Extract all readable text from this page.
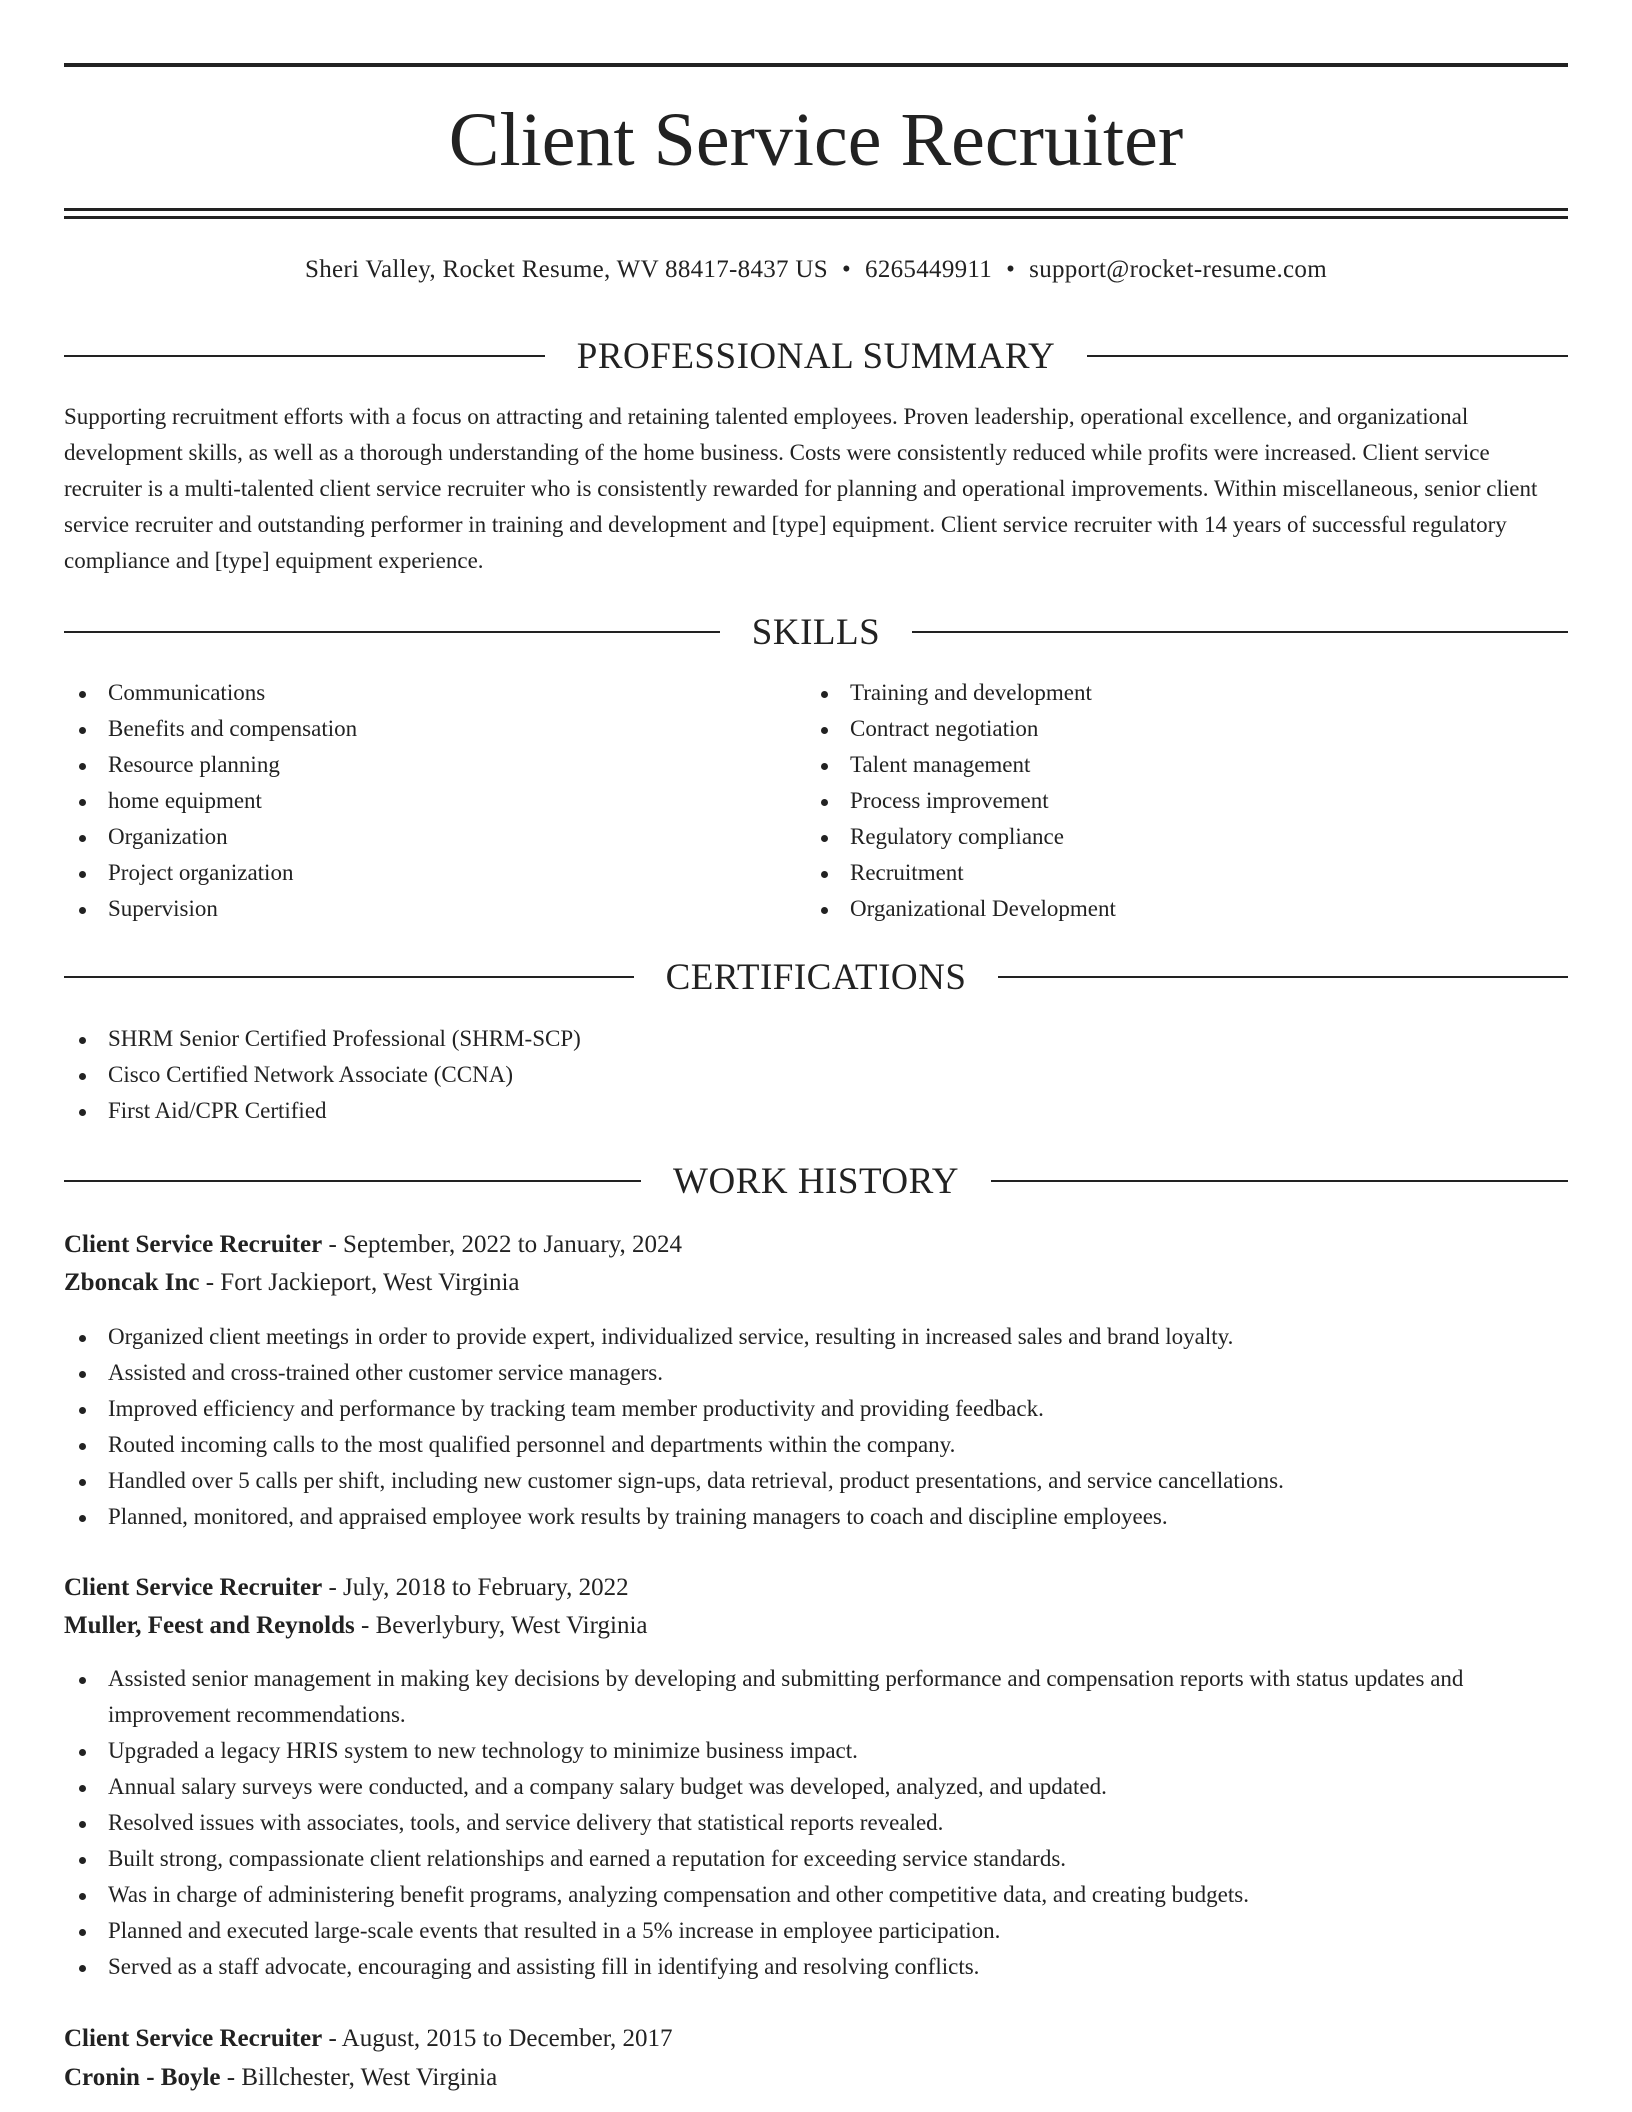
Client Service Recruiter
Sheri Valley, Rocket Resume, WV 88417-8437 US • 6265449911 • support@rocket-resume.com
PROFESSIONAL SUMMARY

Supporting recruitment efforts with a focus on attracting and retaining talented employees. Proven leadership, operational excellence, and organizational development skills, as well as a thorough understanding of the home business. Costs were consistently reduced while profits were increased. Client service recruiter is a multi-talented client service recruiter who is consistently rewarded for planning and operational improvements. Within miscellaneous, senior client service recruiter and outstanding performer in training and development and [type] equipment. Client service recruiter with 14 years of successful regulatory compliance and [type] equipment experience.

SKILLS
Communications
Benefits and compensation
Resource planning
home equipment
Organization
Project organization
Supervision
Training and development
Contract negotiation
Talent management
Process improvement
Regulatory compliance
Recruitment
Organizational Development
CERTIFICATIONS
SHRM Senior Certified Professional (SHRM-SCP)
Cisco Certified Network Associate (CCNA)
First Aid/CPR Certified
WORK HISTORY
Client Service Recruiter - September, 2022 to January, 2024
Zboncak Inc - Fort Jackieport, West Virginia
Organized client meetings in order to provide expert, individualized service, resulting in increased sales and brand loyalty.
Assisted and cross-trained other customer service managers.
Improved efficiency and performance by tracking team member productivity and providing feedback.
Routed incoming calls to the most qualified personnel and departments within the company.
Handled over 5 calls per shift, including new customer sign-ups, data retrieval, product presentations, and service cancellations.
Planned, monitored, and appraised employee work results by training managers to coach and discipline employees.
Client Service Recruiter - July, 2018 to February, 2022
Muller, Feest and Reynolds - Beverlybury, West Virginia
Assisted senior management in making key decisions by developing and submitting performance and compensation reports with status updates and improvement recommendations.
Upgraded a legacy HRIS system to new technology to minimize business impact.
Annual salary surveys were conducted, and a company salary budget was developed, analyzed, and updated.
Resolved issues with associates, tools, and service delivery that statistical reports revealed.
Built strong, compassionate client relationships and earned a reputation for exceeding service standards.
Was in charge of administering benefit programs, analyzing compensation and other competitive data, and creating budgets.
Planned and executed large-scale events that resulted in a 5% increase in employee participation.
Served as a staff advocate, encouraging and assisting fill in identifying and resolving conflicts.
Client Service Recruiter - August, 2015 to December, 2017
Cronin - Boyle - Billchester, West Virginia
